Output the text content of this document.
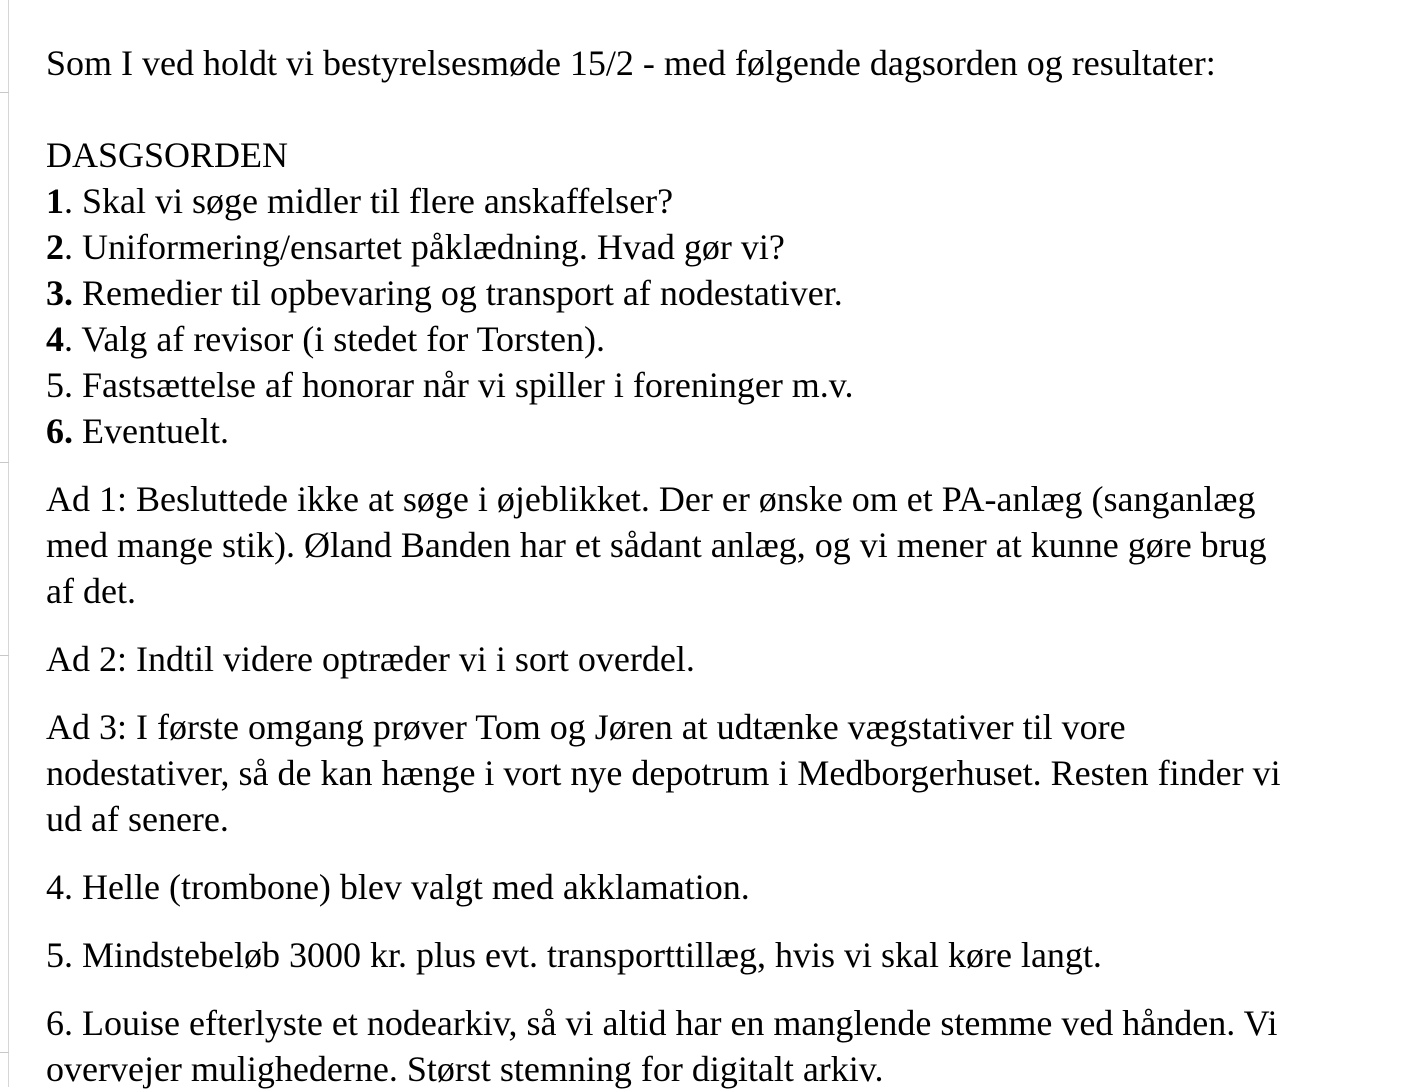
Som I ved holdt vi bestyrelsesmøde 15/2 - med følgende dagsorden og resultater:

DASGSORDEN
1. Skal vi søge midler til flere anskaffelser?
2. Uniformering/ensartet påklædning. Hvad gør vi?
3. Remedier til opbevaring og transport af nodestativer.
4. Valg af revisor (i stedet for Torsten).
5. Fastsættelse af honorar når vi spiller i foreninger m.v.
6. Eventuelt.

Ad 1: Besluttede ikke at søge i øjeblikket. Der er ønske om et PA-anlæg (sanganlæg
med mange stik). Øland Banden har et sådant anlæg, og vi mener at kunne gøre brug
af det.

Ad 2: Indtil videre optræder vi i sort overdel.

Ad 3: I første omgang prøver Tom og Jøren at udtænke vægstativer til vore
nodestativer, så de kan hænge i vort nye depotrum i Medborgerhuset. Resten finder vi
ud af senere.

4. Helle (trombone) blev valgt med akklamation.

5. Mindstebeløb 3000 kr. plus evt. transporttillæg, hvis vi skal køre langt.

6. Louise efterlyste et nodearkiv, så vi altid har en manglende stemme ved hånden. Vi
overvejer mulighederne. Størst stemning for digitalt arkiv.
